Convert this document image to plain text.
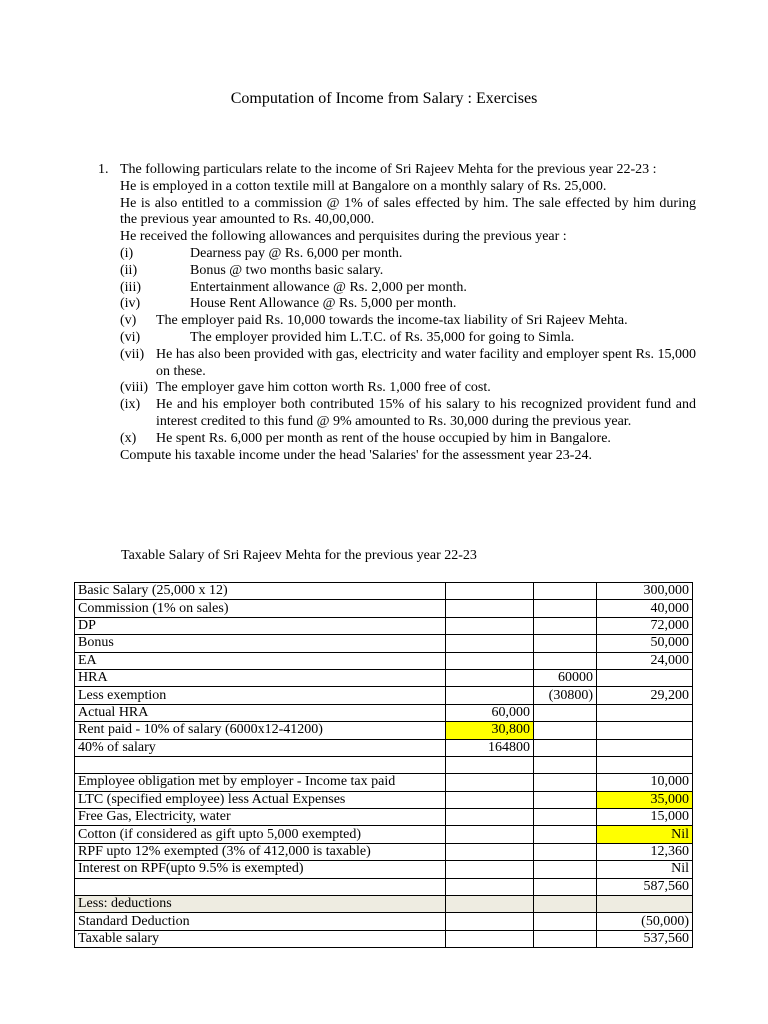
Computation of Income from Salary : Exercises
1. The following particulars relate to the income of Sri Rajeev Mehta for the previous year 22-23 :

He is employed in a cotton textile mill at Bangalore on a monthly salary of Rs. 25,000.

He is also entitled to a commission @ 1% of sales effected by him. The sale effected by him during the previous year amounted to Rs. 40,00,000.

He received the following allowances and perquisites during the previous year :

(i)	Dearness pay @ Rs. 6,000 per month.
(ii)	Bonus @ two months basic salary.
(iii)	Entertainment allowance @ Rs. 2,000 per month.
(iv)	House Rent Allowance @ Rs. 5,000 per month.
(v)	The employer paid Rs. 10,000 towards the income-tax liability of Sri Rajeev Mehta.
(vi)	The employer provided him L.T.C. of Rs. 35,000 for going to Simla.
(vii) He has also been provided with gas, electricity and water facility and employer spent Rs. 15,000 on these.
(viii) The employer gave him cotton worth Rs. 1,000 free of cost.
(ix)	He and his employer both contributed 15% of his salary to his recognized provident fund and interest credited to this fund @ 9% amounted to Rs. 30,000 during the previous year.
(x)	He spent Rs. 6,000 per month as rent of the house occupied by him in Bangalore.

Compute his taxable income under the head 'Salaries' for the assessment year 23-24.

Taxable Salary of Sri Rajeev Mehta for the previous year 22-23
Basic Salary (25,000 x 12)			300,000
Commission (1% on sales)			40,000
DP			72,000
Bonus			50,000
EA			24,000
HRA		60000	
Less exemption		(30800)	29,200
Actual HRA	60,000		
Rent paid - 10% of salary (6000x12-41200)	30,800		
40% of salary	164800		

Employee obligation met by employer - Income tax paid			10,000
LTC (specified employee) less Actual Expenses			35,000
Free Gas, Electricity, water			15,000
Cotton (if considered as gift upto 5,000 exempted)			Nil
RPF upto 12% exempted (3% of 412,000 is taxable)			12,360
Interest on RPF(upto 9.5% is exempted)			Nil
			587,560
Less: deductions			
Standard Deduction			(50,000)
Taxable salary			537,560
